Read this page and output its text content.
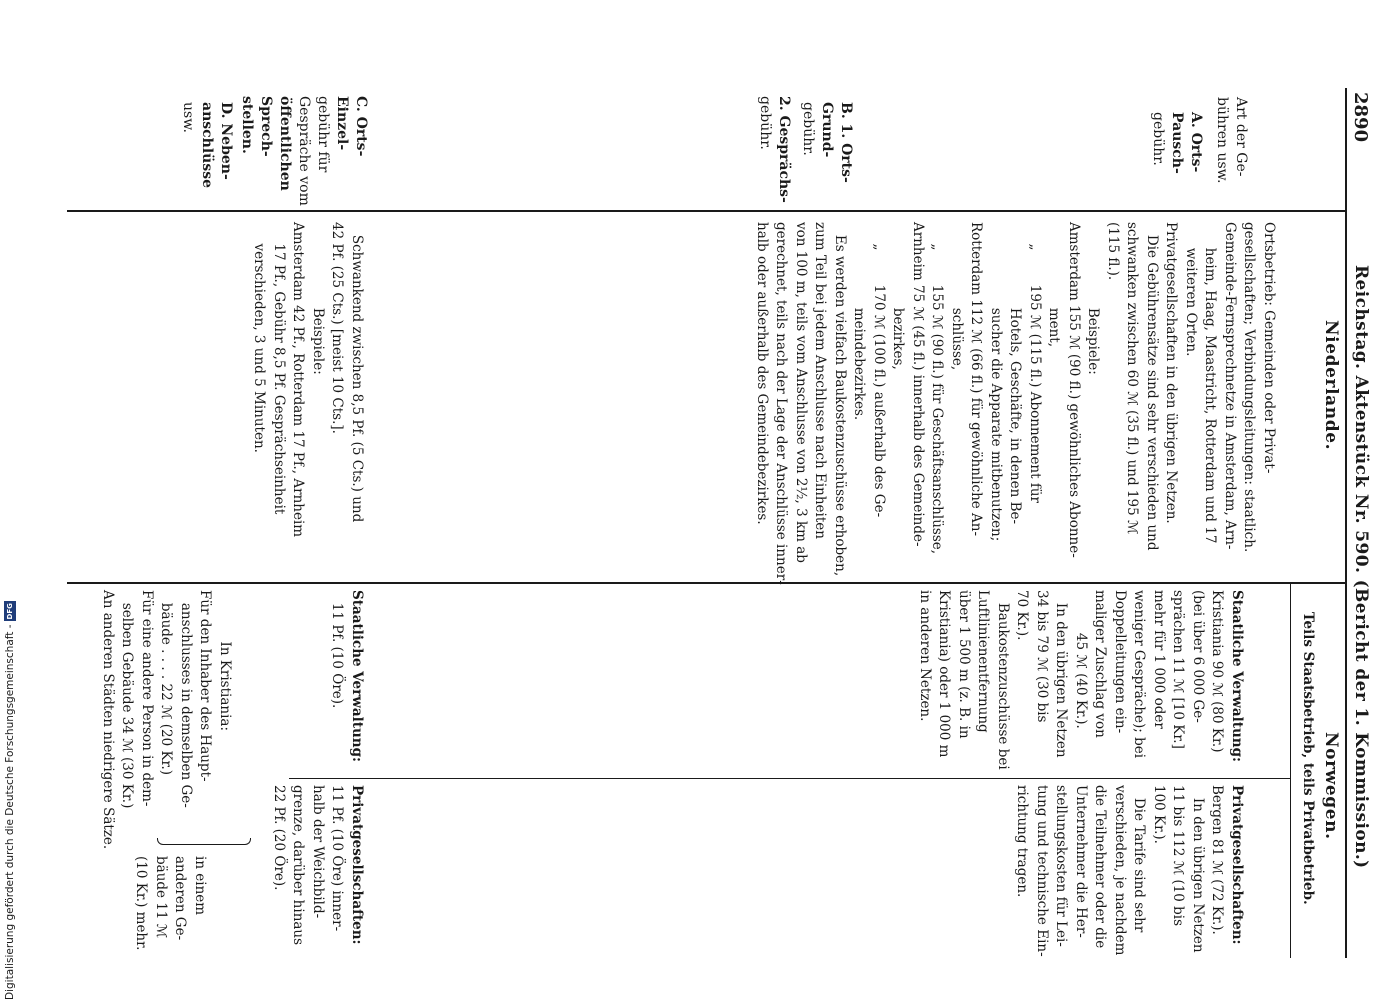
2890
Reichstag. Aktenstück Nr. 590. (Bericht der 1. Kommission.)

Art der Ge-
bühren usw.

A. Orts-
Pausch-
gebühr.

B. 1. Orts-
Grund-
gebühr.

2. Gesprächs-
gebühr.

C. Orts-
Einzel-
gebühr für
Gespräche vom
öffentlichen
Sprech-
stellen.

D. Neben-
anschlüsse
usw.

Niederlande.

Ortsbetrieb: Gemeinden oder Privat-
gesellschaften; Verbindungsleitungen: staatlich.
Gemeinde-Fernsprechnetze in Amsterdam, Arn-
heim, Haag, Maastricht, Rotterdam und 17
weiteren Orten.
Privatgesellschaften in den übrigen Netzen.
Die Gebührensätze sind sehr verschieden und
schwanken zwischen 60 ℳ (35 fl.) und 195 ℳ
(115 fl.).
Beispiele:
Amsterdam 155 ℳ (90 fl.) gewöhnliches Abonne-
ment,
„        195 ℳ (115 fl.) Abonnement für
Hotels, Geschäfte, in denen Be-
sucher die Apparate mitbenutzen;
Rotterdam 112 ℳ (66 fl.) für gewöhnliche An-
schlüsse,
„        155 ℳ (90 fl.) für Geschäftsanschlüsse,
Arnheim 75 ℳ (45 fl.) innerhalb des Gemeinde-
bezirkes,
„        170 ℳ (100 fl.) außerhalb des Ge-
meindebezirkes.
Es werden vielfach Baukostenzuschüsse erhoben,
zum Teil bei jedem Anschlusse nach Einheiten
von 100 m, teils vom Anschlusse von 2½, 3 km ab
gerechnet, teils nach der Lage der Anschlüsse inner-
halb oder außerhalb des Gemeindebezirkes.

Schwankend zwischen 8,5 Pf. (5 Cts.) und
42 Pf. (25 Cts.) [meist 10 Cts.].
Beispiele:
Amsterdam 42 Pf., Rotterdam 17 Pf., Arnheim
17 Pf., Gebühr 8,5 Pf. Gesprächseinheit
verschieden, 3 und 5 Minuten.

Norwegen.
Teils Staatsbetrieb, teils Privatbetrieb.

Staatliche Verwaltung:
Kristiania 90 ℳ (80 Kr.)
(bei über 6 000 Ge-
sprächen 11 ℳ [10 Kr.]
mehr für 1 000 oder
weniger Gespräche); bei
Doppelleitungen ein-
maliger Zuschlag von
45 ℳ (40 Kr.).
In den übrigen Netzen
34 bis 79 ℳ (30 bis
70 Kr.).
Baukostenzuschüsse bei
Luftlinienentfernung
über 1 500 m (z. B. in
Kristiania) oder 1 000 m
in anderen Netzen.

Privatgesellschaften:
Bergen 81 ℳ (72 Kr.).
In den übrigen Netzen
11 bis 112 ℳ (10 bis
100 Kr.).
Die Tarife sind sehr
verschieden, je nachdem
die Teilnehmer oder die
Unternehmer die Her-
stellungskosten für Lei-
tung und technische Ein-
richtung tragen.

Staatliche Verwaltung:
11 Pf. (10 Öre).

Privatgesellschaften:
11 Pf. (10 Öre) inner-
halb der Weichbild-
grenze, darüber hinaus
22 Pf. (20 Öre).

In Kristiania:
Für den Inhaber des Haupt-
anschlusses in demselben Ge-
bäude . . . . 22 ℳ (20 Kr.)
Für eine andere Person in dem-
selben Gebäude 34 ℳ (30 Kr.)
An anderen Städten niedrigere Sätze.

in einem
anderen Ge-
bäude 11 ℳ
(10 Kr.) mehr.

Digitalisierung gefördert durch die Deutsche Forschungsgemeinschaft -DFG
